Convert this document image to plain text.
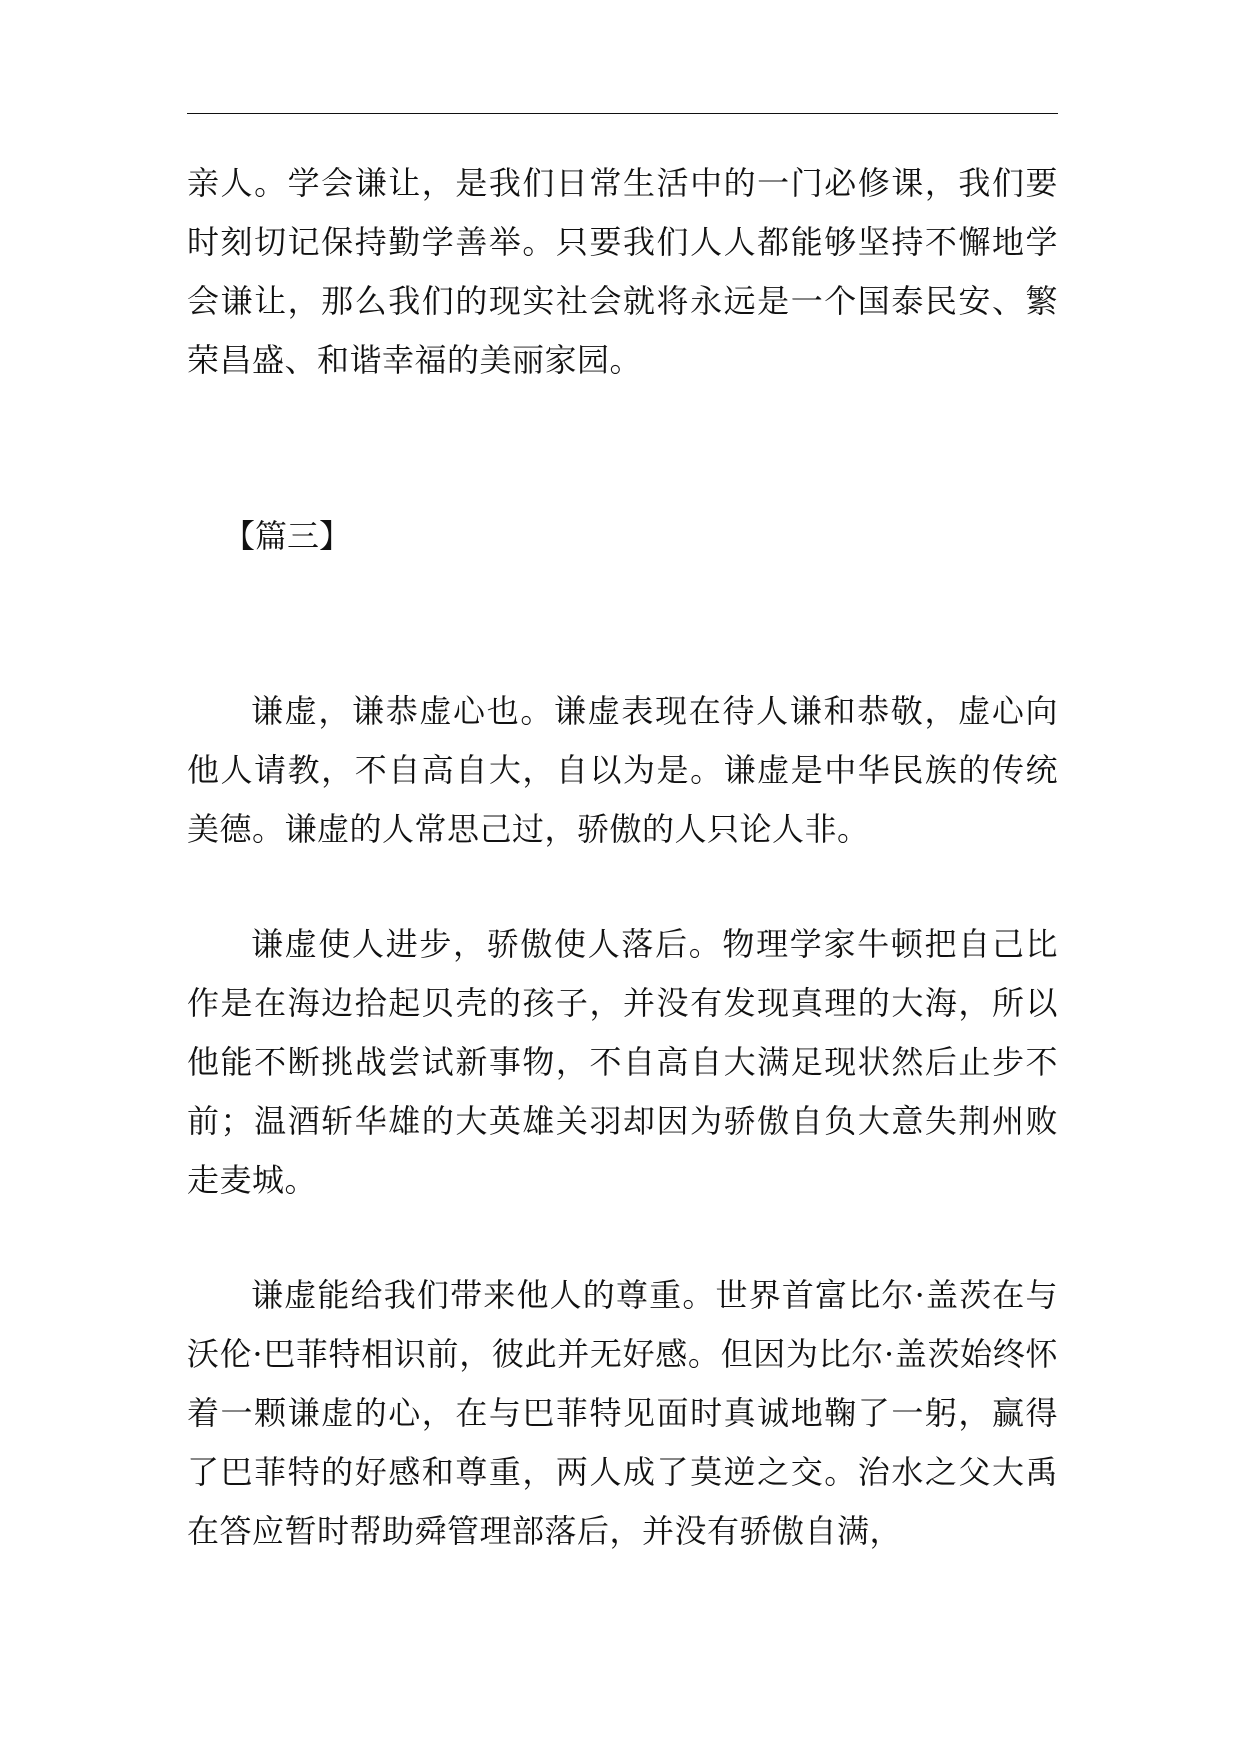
亲人。学会谦让，是我们日常生活中的一门必修课，我们要时刻切记保持勤学善举。只要我们人人都能够坚持不懈地学会谦让，那么我们的现实社会就将永远是一个国泰民安、繁荣昌盛、和谐幸福的美丽家园。

【篇三】

谦虚，谦恭虚心也。谦虚表现在待人谦和恭敬，虚心向他人请教，不自高自大，自以为是。谦虚是中华民族的传统美德。谦虚的人常思己过，骄傲的人只论人非。

谦虚使人进步，骄傲使人落后。物理学家牛顿把自己比作是在海边拾起贝壳的孩子，并没有发现真理的大海，所以他能不断挑战尝试新事物，不自高自大满足现状然后止步不前；温酒斩华雄的大英雄关羽却因为骄傲自负大意失荆州败走麦城。

谦虚能给我们带来他人的尊重。世界首富比尔·盖茨在与沃伦·巴菲特相识前，彼此并无好感。但因为比尔·盖茨始终怀着一颗谦虚的心，在与巴菲特见面时真诚地鞠了一躬，赢得了巴菲特的好感和尊重，两人成了莫逆之交。治水之父大禹在答应暂时帮助舜管理部落后，并没有骄傲自满，
